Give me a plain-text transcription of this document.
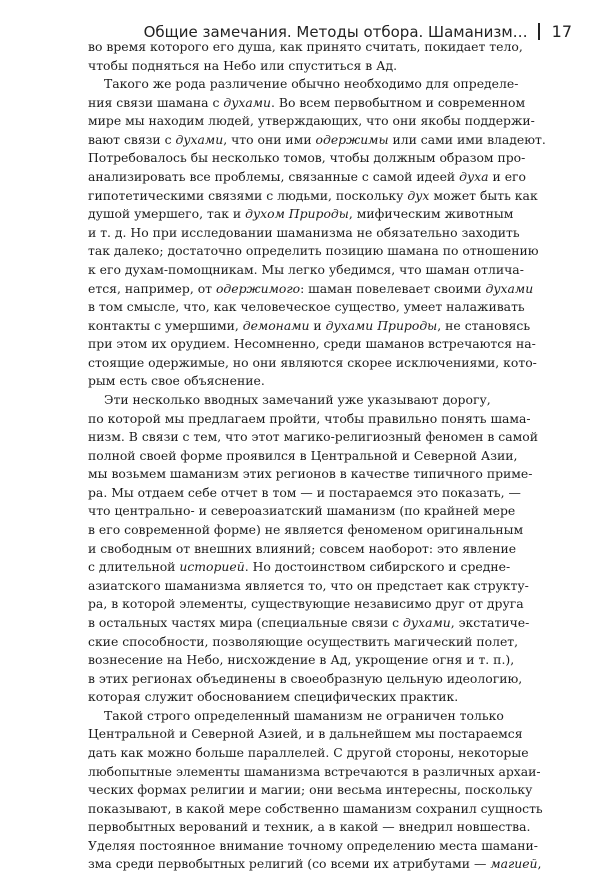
Общие замечания. Методы отбора. Шаманизм… 17
во время которого его душа, как принято считать, покидает тело,
чтобы подняться на Небо или спуститься в Ад.
Такого же рода различение обычно необходимо для определе-
ния связи шамана с духами. Во всем первобытном и современном
мире мы находим людей, утверждающих, что они якобы поддержи-
вают связи с духами, что они ими одержимы или сами ими владеют.
Потребовалось бы несколько томов, чтобы должным образом про-
анализировать все проблемы, связанные с самой идеей духа и его
гипотетическими связями с людьми, поскольку дух может быть как
душой умершего, так и духом Природы, мифическим животным
и т. д. Но при исследовании шаманизма не обязательно заходить
так далеко; достаточно определить позицию шамана по отношению
к его духам-помощникам. Мы легко убедимся, что шаман отлича-
ется, например, от одержимого: шаман повелевает своими духами
в том смысле, что, как человеческое существо, умеет налаживать
контакты с умершими, демонами и духами Природы, не становясь
при этом их орудием. Несомненно, среди шаманов встречаются на-
стоящие одержимые, но они являются скорее исключениями, кото-
рым есть свое объяснение.
Эти несколько вводных замечаний уже указывают дорогу,
по которой мы предлагаем пройти, чтобы правильно понять шама-
низм. В связи с тем, что этот магико-религиозный феномен в самой
полной своей форме проявился в Центральной и Северной Азии,
мы возьмем шаманизм этих регионов в качестве типичного приме-
ра. Мы отдаем себе отчет в том — и постараемся это показать, —
что центрально- и североазиатский шаманизм (по крайней мере
в его современной форме) не является феноменом оригинальным
и свободным от внешних влияний; совсем наоборот: это явление
с длительной историей. Но достоинством сибирского и средне-
азиатского шаманизма является то, что он предстает как структу-
ра, в которой элементы, существующие независимо друг от друга
в остальных частях мира (специальные связи с духами, экстатиче-
ские способности, позволяющие осуществить магический полет,
вознесение на Небо, нисхождение в Ад, укрощение огня и т. п.),
в этих регионах объединены в своеобразную цельную идеологию,
которая служит обоснованием специфических практик.
Такой строго определенный шаманизм не ограничен только
Центральной и Северной Азией, и в дальнейшем мы постараемся
дать как можно больше параллелей. С другой стороны, некоторые
любопытные элементы шаманизма встречаются в различных архаи-
ческих формах религии и магии; они весьма интересны, поскольку
показывают, в какой мере собственно шаманизм сохранил сущность
первобытных верований и техник, а в какой — внедрил новшества.
Уделяя постоянное внимание точному определению места шамани-
зма среди первобытных религий (со всеми их атрибутами — магией,
